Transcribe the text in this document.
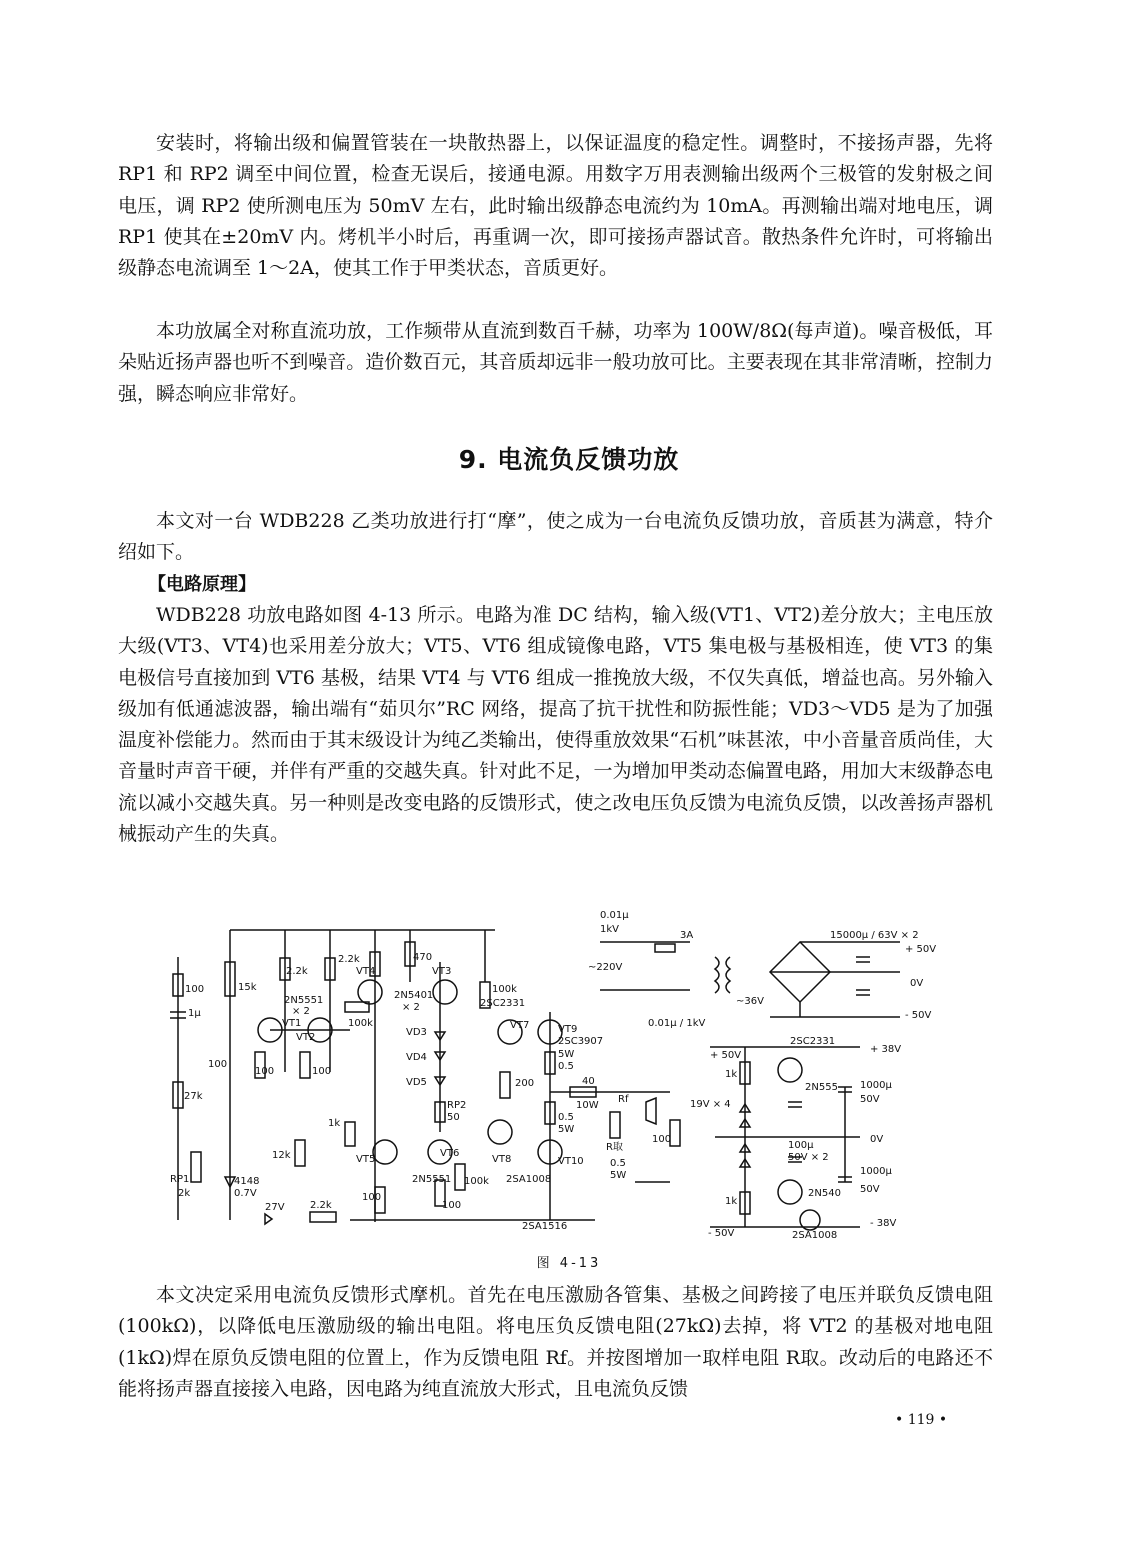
安装时，将输出级和偏置管装在一块散热器上，以保证温度的稳定性。调整时，不接扬声器，先将 RP1 和 RP2 调至中间位置，检查无误后，接通电源。用数字万用表测输出级两个三极管的发射极之间电压，调 RP2 使所测电压为 50mV 左右，此时输出级静态电流约为 10mA。再测输出端对地电压，调 RP1 使其在±20mV 内。烤机半小时后，再重调一次，即可接扬声器试音。散热条件允许时，可将输出级静态电流调至 1～2A，使其工作于甲类状态，音质更好。

本功放属全对称直流功放，工作频带从直流到数百千赫，功率为 100W/8Ω(每声道)。噪音极低，耳朵贴近扬声器也听不到噪音。造价数百元，其音质却远非一般功放可比。主要表现在其非常清晰，控制力强，瞬态响应非常好。

9. 电流负反馈功放

本文对一台 WDB228 乙类功放进行打“摩”，使之成为一台电流负反馈功放，音质甚为满意，特介绍如下。

【电路原理】

WDB228 功放电路如图 4-13 所示。电路为准 DC 结构，输入级(VT1、VT2)差分放大；主电压放大级(VT3、VT4)也采用差分放大；VT5、VT6 组成镜像电路，VT5 集电极与基极相连，使 VT3 的集电极信号直接加到 VT6 基极，结果 VT4 与 VT6 组成一推挽放大级，不仅失真低，增益也高。另外输入级加有低通滤波器，输出端有“茹贝尔”RC 网络，提高了抗干扰性和防振性能；VD3～VD5 是为了加强温度补偿能力。然而由于其末级设计为纯乙类输出，使得重放效果“石机”味甚浓，中小音量音质尚佳，大音量时声音干硬，并伴有严重的交越失真。针对此不足，一为增加甲类动态偏置电路，用加大末级静态电流以减小交越失真。另一种则是改变电路的反馈形式，使之改电压负反馈为电流负反馈，以改善扬声器机械振动产生的失真。

100
1μ
100
27k
RP1
2k
15k
2.2k
2N5551
× 2
VT1
VT2
100	100
12k
4148
0.7V
27V	2.2k
2.2k
VT4
470
VT3
2N5401
× 2
100k
VD3
VD4
VD5
RP2
50
1k
VT5
2N5551
VT6
100
100
100k
100k
2SC2331
VT7	VT9
2SC3907
5W
0.5
200
VT8
2SA1008
VT10
2SA1516
40
10W
0.5
5W
Rf
R取
0.5
5W
100
0.01μ
1kV
3A
~220V
~36V
0.01μ / 1kV
15000μ / 63V × 2
+ 50V
0V
- 50V
2SC2331
+ 38V
+ 50V
1k
2N555 1000μ
50V
19V × 4
100μ
50V × 2
0V
1000μ
50V
2N540
1k
- 50V	2SA1008
- 38V
图 4-13

本文决定采用电流负反馈形式摩机。首先在电压激励各管集、基极之间跨接了电压并联负反馈电阻(100kΩ)，以降低电压激励级的输出电阻。将电压负反馈电阻(27kΩ)去掉，将 VT2 的基极对地电阻(1kΩ)焊在原负反馈电阻的位置上，作为反馈电阻 Rf。并按图增加一取样电阻 R取。改动后的电路还不能将扬声器直接接入电路，因电路为纯直流放大形式，且电流负反馈

• 119 •
